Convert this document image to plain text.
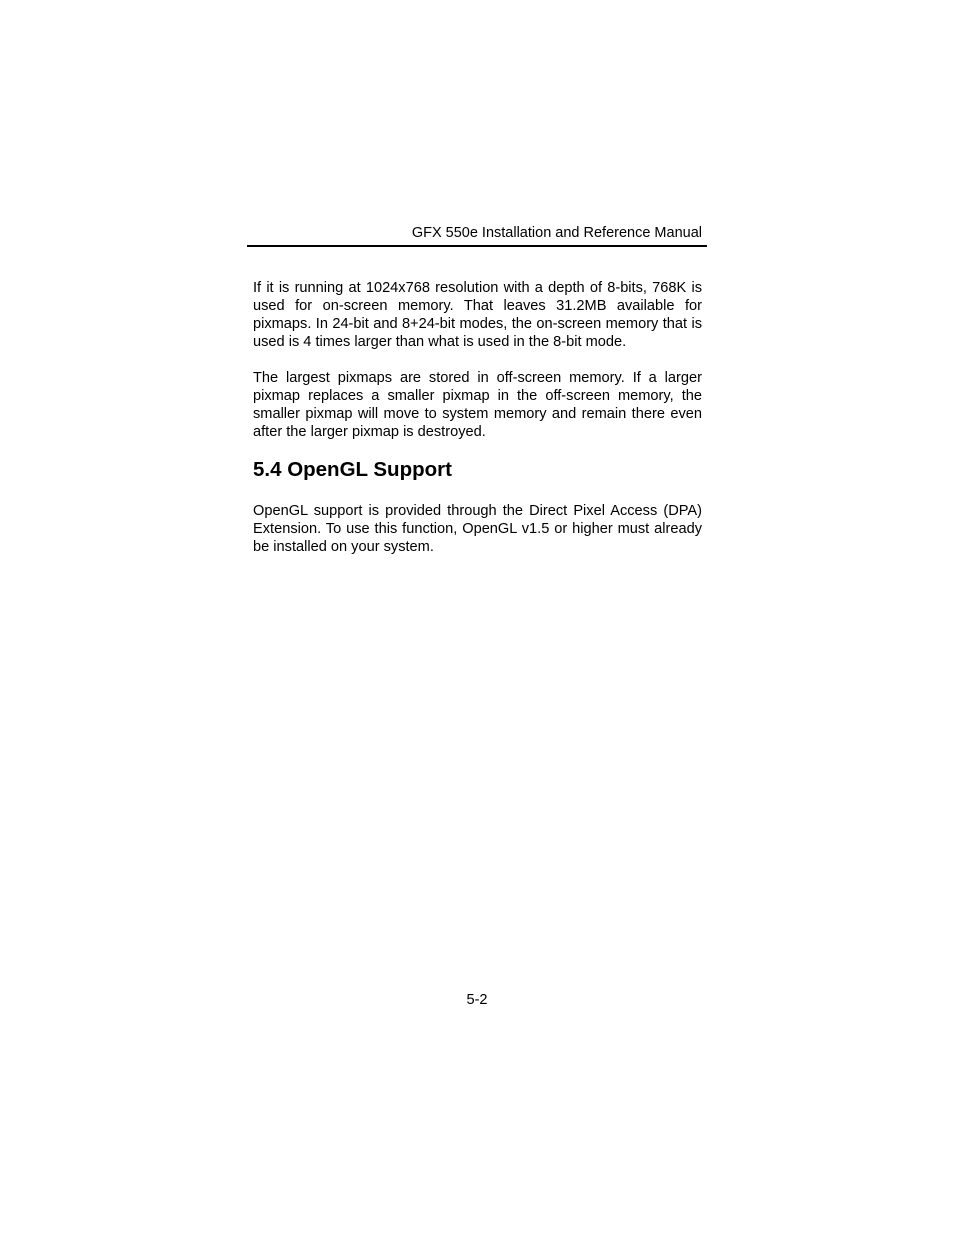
GFX 550e Installation and Reference Manual

If it is running at 1024x768 resolution with a depth of 8-bits, 768K is used for on-screen memory. That leaves 31.2MB available for pixmaps. In 24-bit and 8+24-bit modes, the on-screen memory that is used is 4 times larger than what is used in the 8-bit mode.

The largest pixmaps are stored in off-screen memory. If a larger pixmap replaces a smaller pixmap in the off-screen memory, the smaller pixmap will move to system memory and remain there even after the larger pixmap is destroyed.

5.4 OpenGL Support

OpenGL support is provided through the Direct Pixel Access (DPA) Extension. To use this function, OpenGL v1.5 or higher must already be installed on your system.

5-2
